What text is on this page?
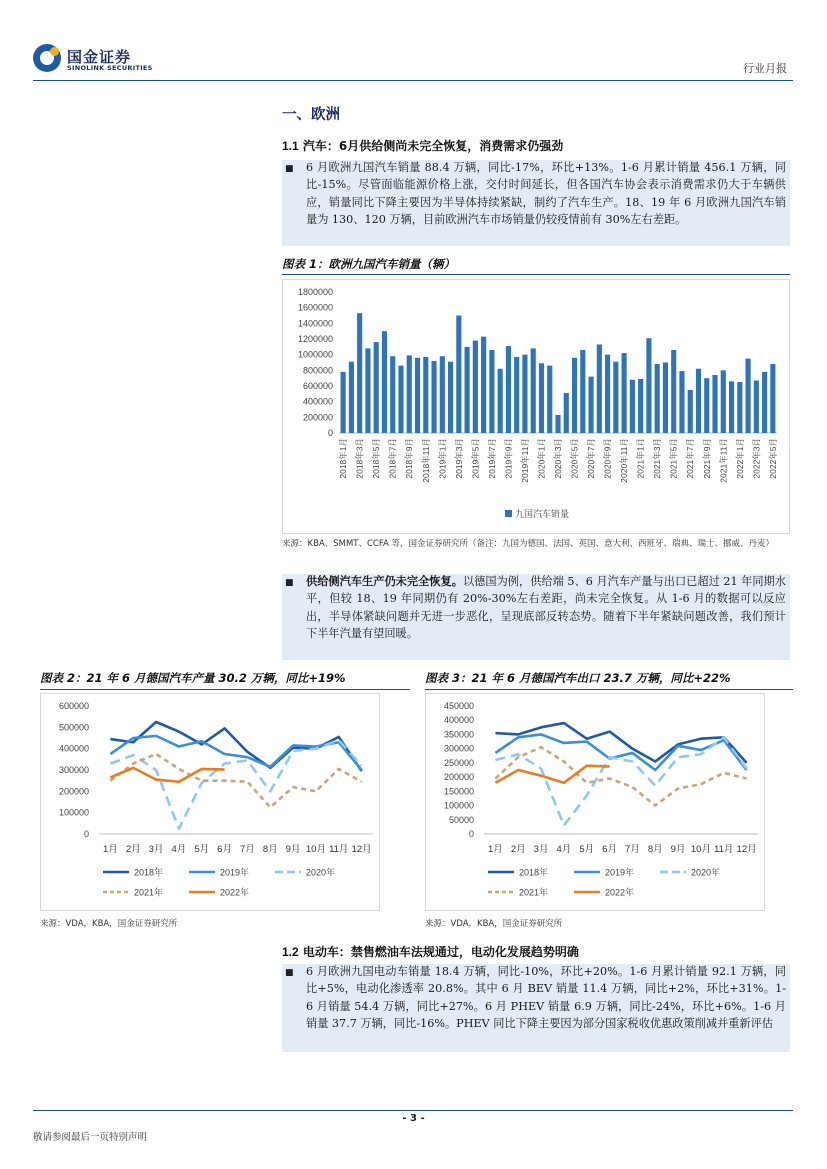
国金证券
SINOLINK SECURITIES	行业月报
一、欧洲
1.1 汽车：6月供给侧尚未完全恢复，消费需求仍强劲
■ 6 月欧洲九国汽车销量 88.4 万辆，同比-17%，环比+13%。1-6 月累计销量 456.1 万辆，同比-15%。尽管面临能源价格上涨，交付时间延长，但各国汽车协会表示消费需求仍大于车辆供应，销量同比下降主要因为半导体持续紧缺，制约了汽车生产。18、19 年 6 月欧洲九国汽车销量为 130、120 万辆，目前欧洲汽车市场销量仍较疫情前有 30%左右差距。
图表 1：欧洲九国汽车销量（辆）
0
200000
400000
600000
800000
1000000
1200000
1400000
1600000
1800000
2018年1月 2018年3月 2018年5月 2018年7月 2018年9月 2018年11月 2019年1月 2019年3月 2019年5月 2019年7月 2019年9月 2019年11月 2020年1月 2020年3月 2020年5月 2020年7月 2020年9月 2020年11月 2021年1月 2021年3月 2021年5月 2021年7月 2021年9月 2021年11月 2022年1月 2022年3月 2022年5月
九国汽车销量
来源：KBA、SMMT、CCFA 等，国金证券研究所（备注：九国为德国、法国、英国、意大利、西班牙、瑞典、瑞士、挪威、丹麦）
■ 供给侧汽车生产仍未完全恢复。以德国为例，供给端 5、6 月汽车产量与出口已超过 21 年同期水平，但较 18、19 年同期仍有 20%-30%左右差距，尚未完全恢复。从 1-6 月的数据可以反应出，半导体紧缺问题并无进一步恶化，呈现底部反转态势。随着下半年紧缺问题改善，我们预计下半年汽量有望回暖。
图表 2：21 年 6 月德国汽车产量 30.2 万辆，同比+19%
0
100000
200000
300000
400000
500000
600000
1月 2月 3月 4月 5月 6月 7月 8月 9月 10月 11月 12月
2018年	2019年	2020年
2021年	2022年
来源：VDA，KBA，国金证券研究所
图表 3：21 年 6 月德国汽车出口 23.7 万辆，同比+22%
0
50000
100000
150000
200000
250000
300000
350000
400000
450000
1月 2月 3月 4月 5月 6月 7月 8月 9月 10月 11月 12月
2018年	2019年	2020年
2021年	2022年
来源：VDA，KBA，国金证券研究所
1.2 电动车：禁售燃油车法规通过，电动化发展趋势明确
■ 6 月欧洲九国电动车销量 18.4 万辆，同比-10%，环比+20%。1-6 月累计销量 92.1 万辆，同比+5%，电动化渗透率 20.8%。其中 6 月 BEV 销量 11.4 万辆，同比+2%，环比+31%。1-6 月销量 54.4 万辆，同比+27%。6 月 PHEV 销量 6.9 万辆，同比-24%，环比+6%。1-6 月销量 37.7 万辆，同比-16%。PHEV 同比下降主要因为部分国家税收优惠政策削减并重新评估
- 3 -
敬请参阅最后一页特别声明
